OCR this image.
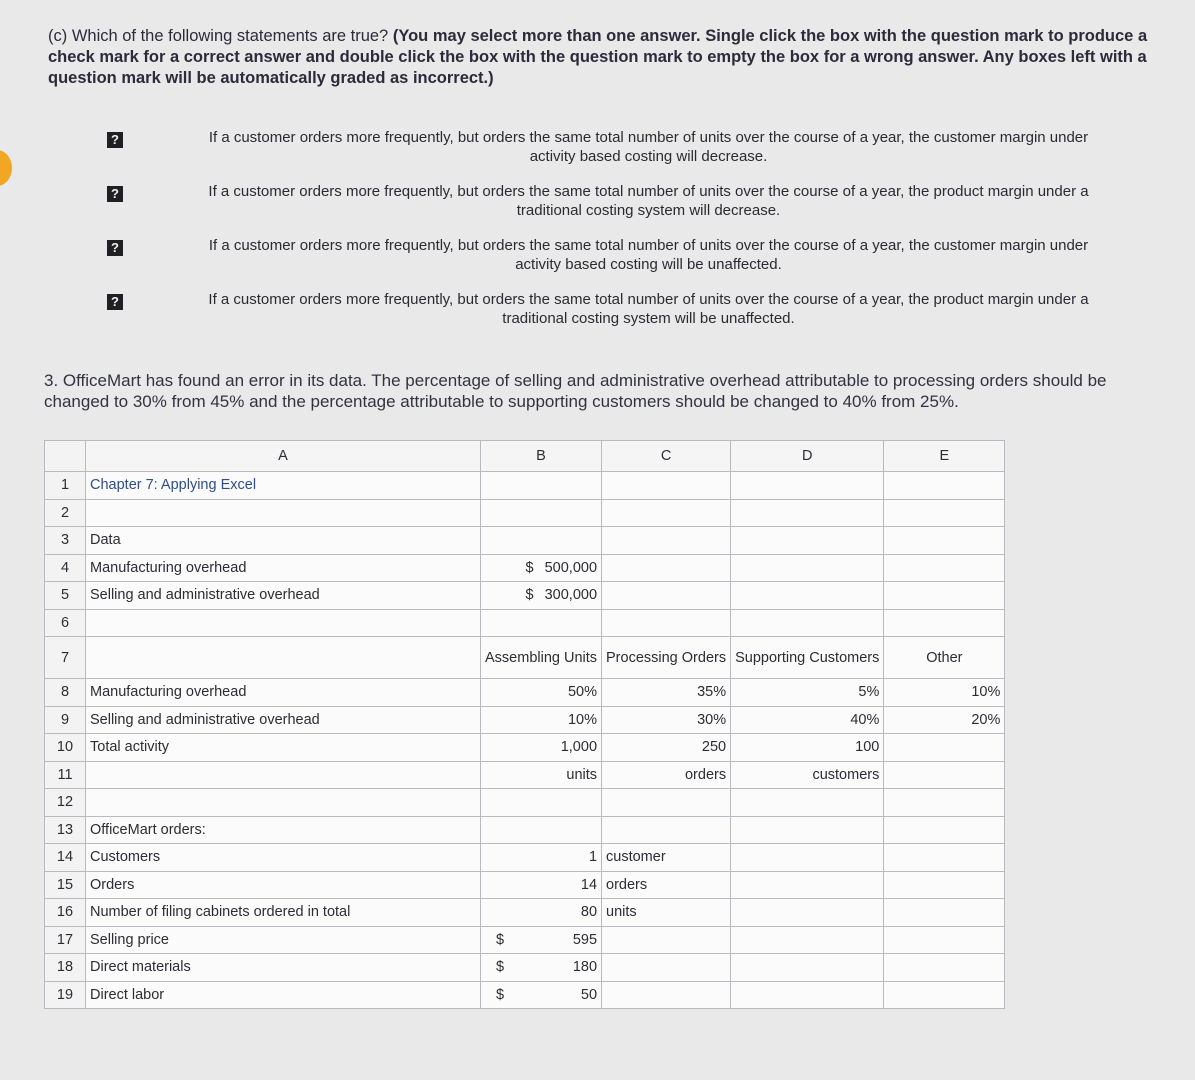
(c) Which of the following statements are true? (You may select more than one answer. Single click the box with the question mark to produce a check mark for a correct answer and double click the box with the question mark to empty the box for a wrong answer. Any boxes left with a question mark will be automatically graded as incorrect.)
?	If a customer orders more frequently, but orders the same total number of units over the course of a year, the customer margin under
activity based costing will decrease.
?	If a customer orders more frequently, but orders the same total number of units over the course of a year, the product margin under a
traditional costing system will decrease.
?	If a customer orders more frequently, but orders the same total number of units over the course of a year, the customer margin under
activity based costing will be unaffected.
?	If a customer orders more frequently, but orders the same total number of units over the course of a year, the product margin under a
traditional costing system will be unaffected.
3. OfficeMart has found an error in its data. The percentage of selling and administrative overhead attributable to processing orders should be changed to 30% from 45% and the percentage attributable to supporting customers should be changed to 40% from 25%.
	A	B	C	D	E
1	Chapter 7: Applying Excel				
2					
3	Data				
4	Manufacturing overhead	$ 500,000			
5	Selling and administrative overhead	$ 300,000			
6					
7		Assembling Units	Processing Orders	Supporting Customers	Other
8	Manufacturing overhead	50%	35%	5%	10%
9	Selling and administrative overhead	10%	30%	40%	20%
10	Total activity	1,000	250	100	
11		units	orders	customers	
12					
13	OfficeMart orders:				
14	Customers	1	customer		
15	Orders	14	orders		
16	Number of filing cabinets ordered in total	80	units		
17	Selling price	$ 595			
18	Direct materials	$ 180			
19	Direct labor	$ 50			
